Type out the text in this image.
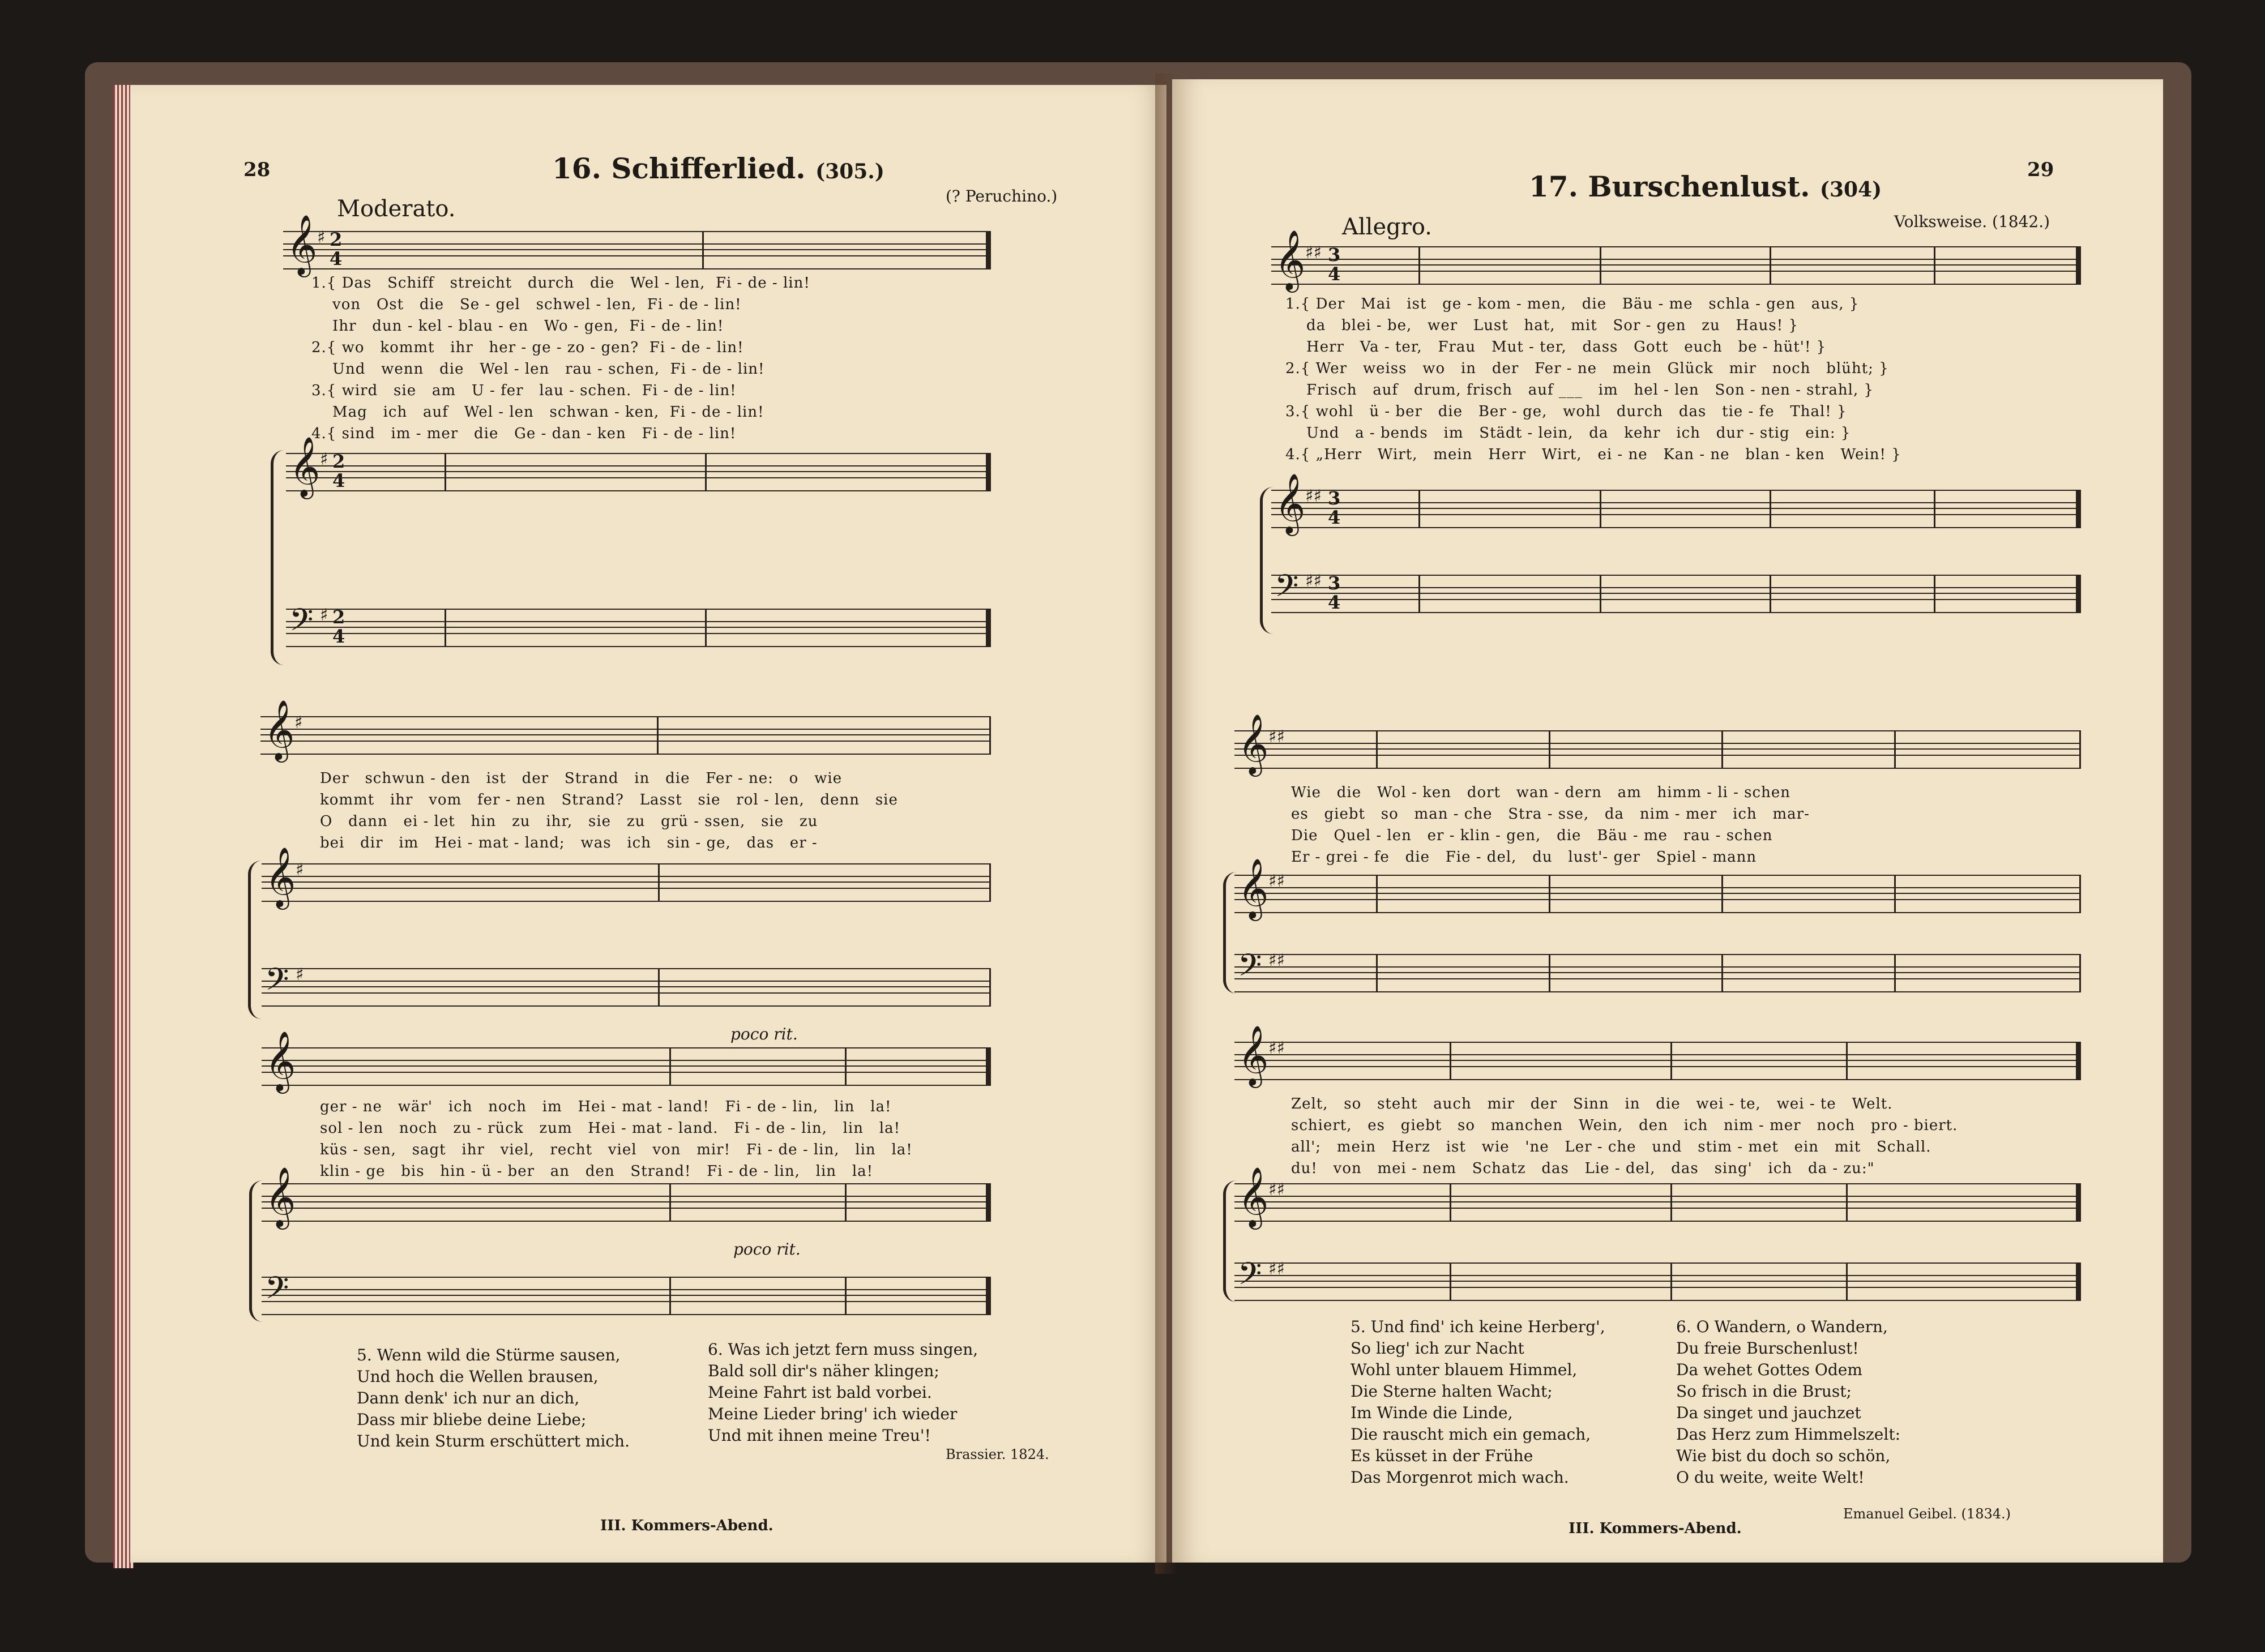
28	16. Schifferlied. (305.)
(? Peruchino.)
Moderato.
𝄞 ♯ 2
4
1.{ Das   Schiff   streicht   durch   die   Wel - len,  Fi - de - lin!
von   Ost   die   Se - gel   schwel - len,  Fi - de - lin!
Ihr   dun - kel - blau - en   Wo - gen,  Fi - de - lin!
2.{ wo   kommt   ihr   her - ge - zo - gen?  Fi - de - lin!
Und   wenn   die   Wel - len   rau - schen,  Fi - de - lin!
3.{ wird   sie   am   U - fer   lau - schen.  Fi - de - lin!
Mag   ich   auf   Wel - len   schwan - ken,  Fi - de - lin!
4.{ sind   im - mer   die   Ge - dan - ken   Fi - de - lin!
𝄞 ♯ 2
4
𝄢 ♯ 2
4
𝄞 ♯
Der   schwun - den   ist   der   Strand   in   die   Fer - ne:   o   wie
kommt   ihr   vom   fer - nen   Strand?   Lasst   sie   rol - len,   denn   sie
O   dann   ei - let   hin   zu   ihr,   sie   zu   grü - ssen,   sie   zu
bei   dir   im   Hei - mat - land;   was   ich   sin - ge,   das   er -
𝄞 ♯
𝄢 ♯
poco rit.
𝄞
ger - ne   wär'   ich   noch   im   Hei - mat - land!   Fi - de - lin,   lin   la!
sol - len   noch   zu - rück   zum   Hei - mat - land.   Fi - de - lin,   lin   la!
küs - sen,   sagt   ihr   viel,   recht   viel   von   mir!   Fi - de - lin,   lin   la!
klin - ge   bis   hin - ü - ber   an   den   Strand!   Fi - de - lin,   lin   la!
𝄞
poco rit.
𝄢
5. Wenn wild die Stürme sausen,
Und hoch die Wellen brausen,
Dann denk' ich nur an dich,
Dass mir bliebe deine Liebe;
Und kein Sturm erschüttert mich.
6. Was ich jetzt fern muss singen,
Bald soll dir's näher klingen;
Meine Fahrt ist bald vorbei.
Meine Lieder bring' ich wieder
Und mit ihnen meine Treu'!
Brassier. 1824.
III. Kommers-Abend.
29
17. Burschenlust. (304)
Volksweise. (1842.)
Allegro.
𝄞 ♯♯ 3
4
1.{ Der   Mai   ist   ge - kom - men,   die   Bäu - me   schla - gen   aus, }
da   blei - be,   wer   Lust   hat,   mit   Sor - gen   zu   Haus! }
Herr   Va - ter,   Frau   Mut - ter,   dass   Gott   euch   be - hüt'! }
2.{ Wer   weiss   wo   in   der   Fer - ne   mein   Glück   mir   noch   blüht; }
Frisch   auf   drum, frisch   auf ___   im   hel - len   Son - nen - strahl, }
3.{ wohl   ü - ber   die   Ber - ge,   wohl   durch   das   tie - fe   Thal! }
Und   a - bends   im   Städt - lein,   da   kehr   ich   dur - stig   ein: }
4.{ „Herr   Wirt,   mein   Herr   Wirt,   ei - ne   Kan - ne   blan - ken   Wein! }
𝄞 ♯♯ 3
4
𝄢 ♯♯ 3
4
𝄞 ♯♯
Wie   die   Wol - ken   dort   wan - dern   am   himm - li - schen
es   giebt   so   man - che   Stra - sse,   da   nim - mer   ich   mar-
Die   Quel - len   er - klin - gen,   die   Bäu - me   rau - schen
Er - grei - fe   die   Fie - del,   du   lust'- ger   Spiel - mann
𝄞 ♯♯
𝄢 ♯♯
𝄞 ♯♯
Zelt,   so   steht   auch   mir   der   Sinn   in   die   wei - te,   wei - te   Welt.
schiert,   es   giebt   so   manchen   Wein,   den   ich   nim - mer   noch   pro - biert.
all';   mein   Herz   ist   wie   'ne   Ler - che   und   stim - met   ein   mit   Schall.
du!   von   mei - nem   Schatz   das   Lie - del,   das   sing'   ich   da - zu:"
𝄞 ♯♯
𝄢 ♯♯
5. Und find' ich keine Herberg',
So lieg' ich zur Nacht
Wohl unter blauem Himmel,
Die Sterne halten Wacht;
Im Winde die Linde,
Die rauscht mich ein gemach,
Es küsset in der Frühe
Das Morgenrot mich wach.
6. O Wandern, o Wandern,
Du freie Burschenlust!
Da wehet Gottes Odem
So frisch in die Brust;
Da singet und jauchzet
Das Herz zum Himmelszelt:
Wie bist du doch so schön,
O du weite, weite Welt!
Emanuel Geibel. (1834.)
III. Kommers-Abend.
